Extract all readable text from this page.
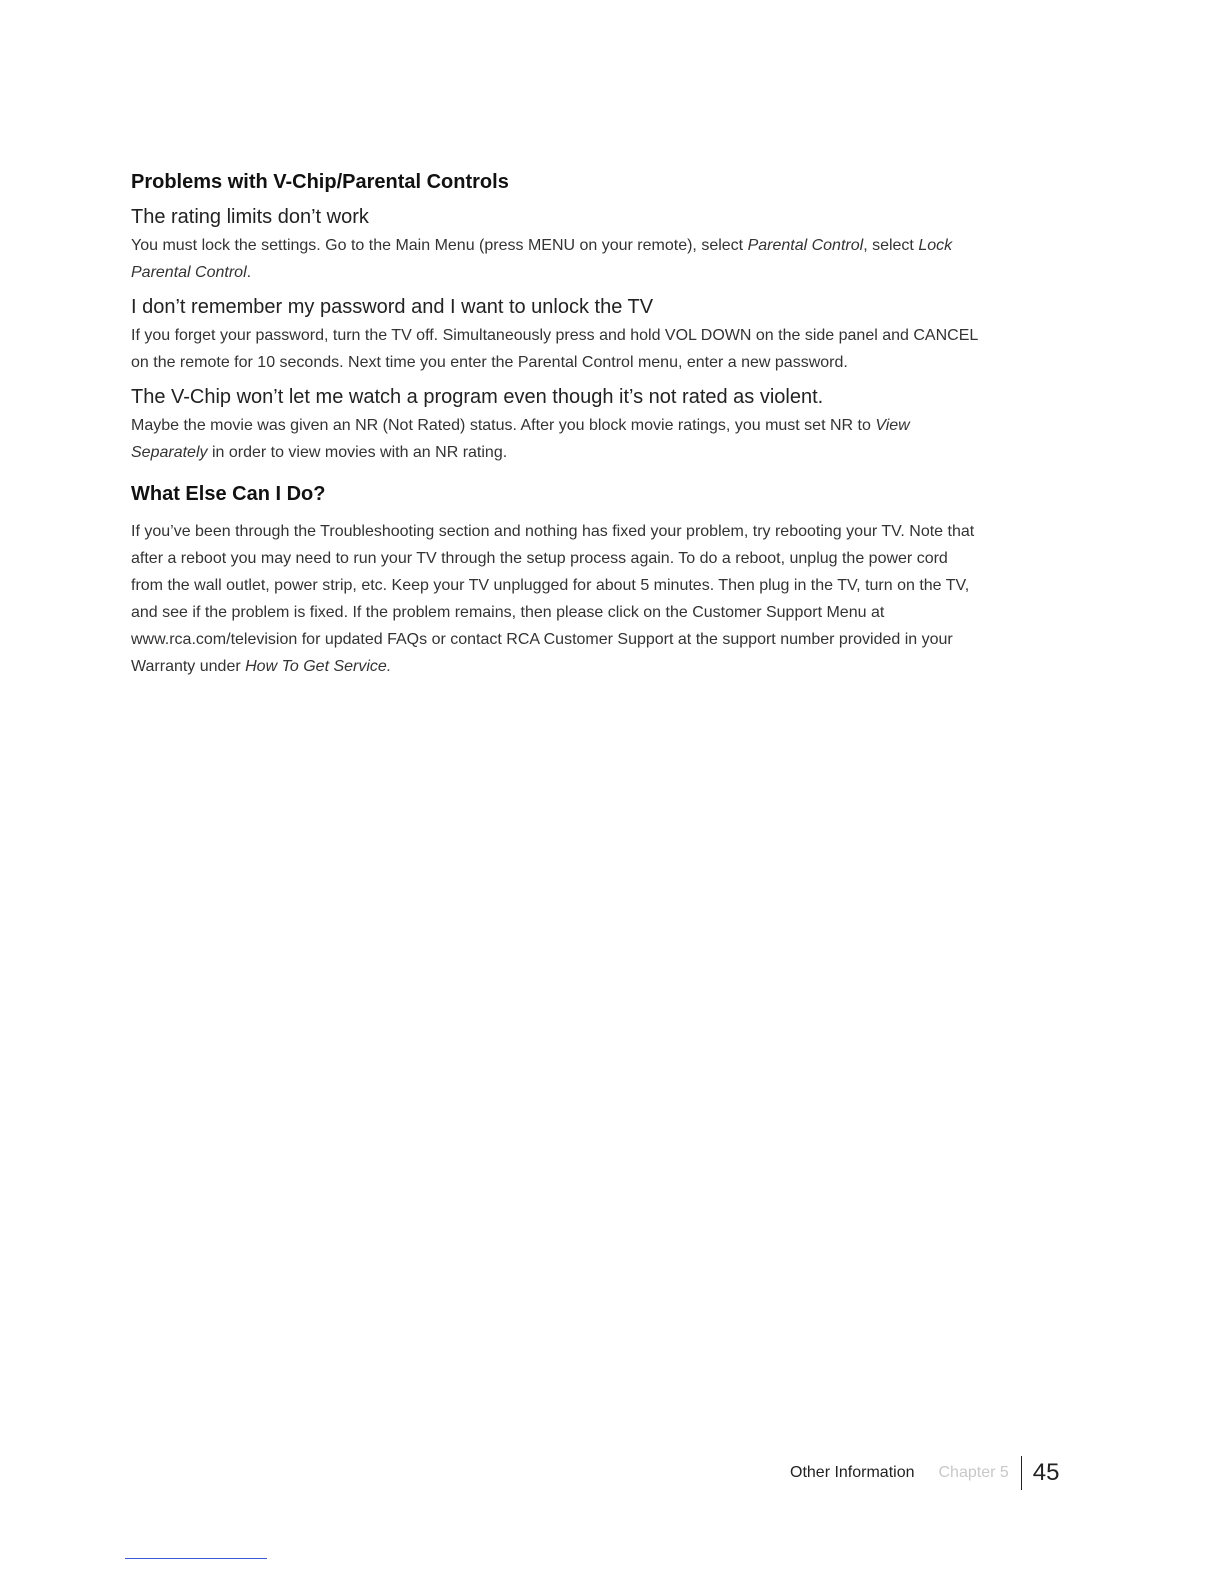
Problems with V-Chip/Parental Controls
The rating limits don’t work

You must lock the settings. Go to the Main Menu (press MENU on your remote), select Parental Control, select Lock Parental Control.

I don’t remember my password and I want to unlock the TV

If you forget your password, turn the TV off. Simultaneously press and hold VOL DOWN on the side panel and CANCEL on the remote for 10 seconds. Next time you enter the Parental Control menu, enter a new password.

The V-Chip won’t let me watch a program even though it’s not rated as violent.

Maybe the movie was given an NR (Not Rated) status. After you block movie ratings, you must set NR to View Separately in order to view movies with an NR rating.

What Else Can I Do?

If you’ve been through the Troubleshooting section and nothing has fixed your problem, try rebooting your TV. Note that after a reboot you may need to run your TV through the setup process again. To do a reboot, unplug the power cord from the wall outlet, power strip, etc. Keep your TV unplugged for about 5 minutes. Then plug in the TV, turn on the TV, and see if the problem is fixed. If the problem remains, then please click on the Customer Support Menu at www.rca.com/television for updated FAQs or contact RCA Customer Support at the support number provided in your Warranty under How To Get Service.

Other Information Chapter 5 45
